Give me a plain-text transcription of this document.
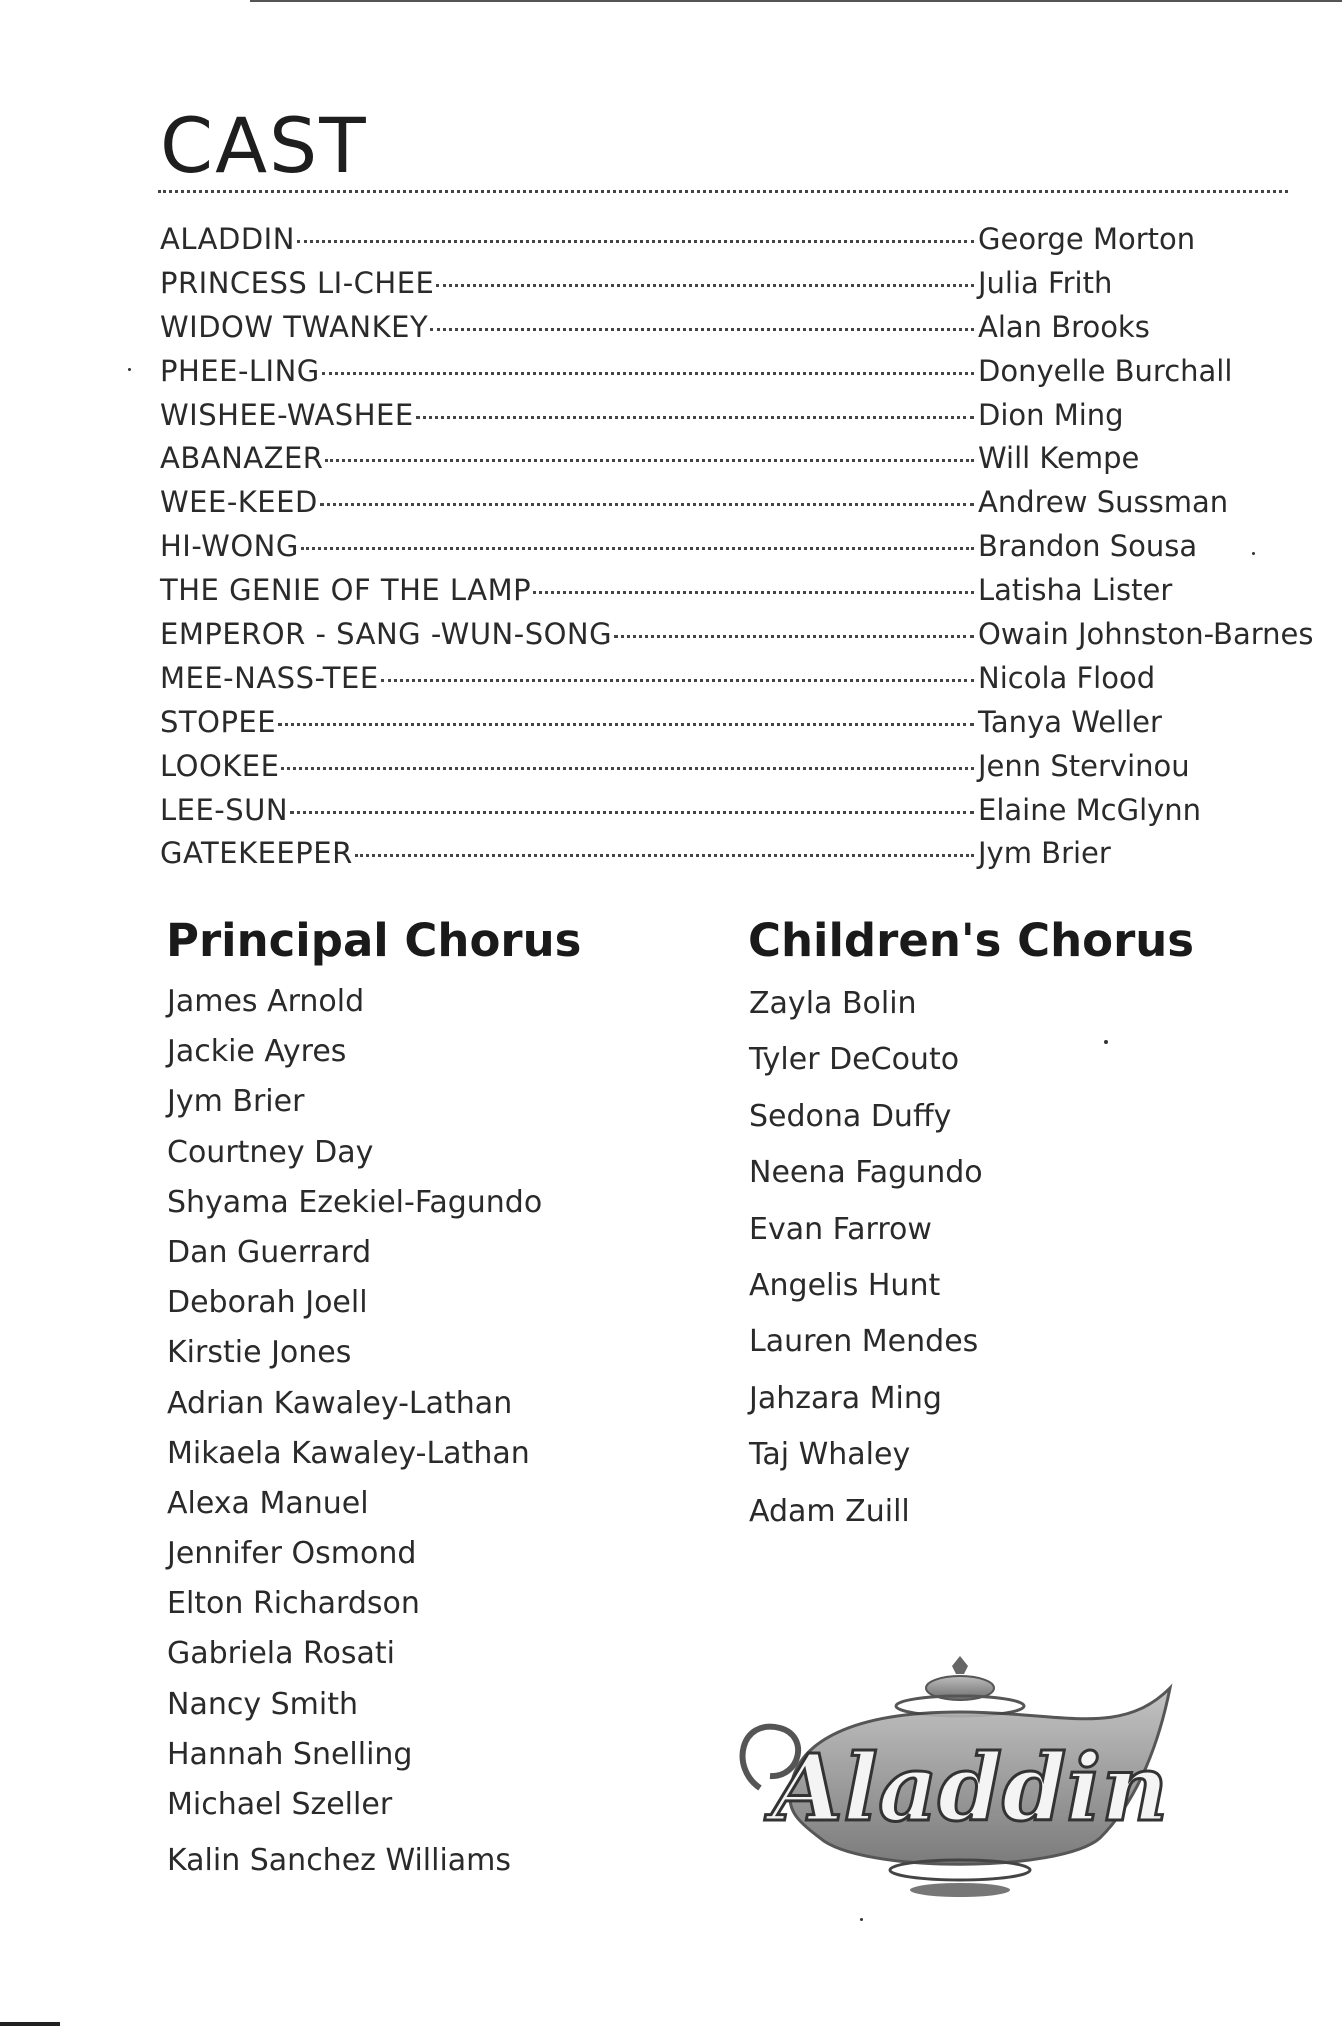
CAST
ALADDIN	George Morton
PRINCESS LI-CHEE	Julia Frith
WIDOW TWANKEY	Alan Brooks
PHEE-LING	Donyelle Burchall
WISHEE-WASHEE	Dion Ming
ABANAZER	Will Kempe
WEE-KEED	Andrew Sussman
HI-WONG	Brandon Sousa
THE GENIE OF THE LAMP	Latisha Lister
EMPEROR - SANG -WUN-SONG	Owain Johnston-Barnes
MEE-NASS-TEE	Nicola Flood
STOPEE	Tanya Weller
LOOKEE	Jenn Stervinou
LEE-SUN	Elaine McGlynn
GATEKEEPER	Jym Brier
Principal Chorus
James Arnold
Jackie Ayres
Jym Brier
Courtney Day
Shyama Ezekiel-Fagundo
Dan Guerrard
Deborah Joell
Kirstie Jones
Adrian Kawaley-Lathan
Mikaela Kawaley-Lathan
Alexa Manuel
Jennifer Osmond
Elton Richardson
Gabriela Rosati
Nancy Smith
Hannah Snelling
Michael Szeller
Kalin Sanchez Williams
Children's Chorus
Zayla Bolin
Tyler DeCouto
Sedona Duffy
Neena Fagundo
Evan Farrow
Angelis Hunt
Lauren Mendes
Jahzara Ming
Taj Whaley
Adam Zuill
Aladdin
